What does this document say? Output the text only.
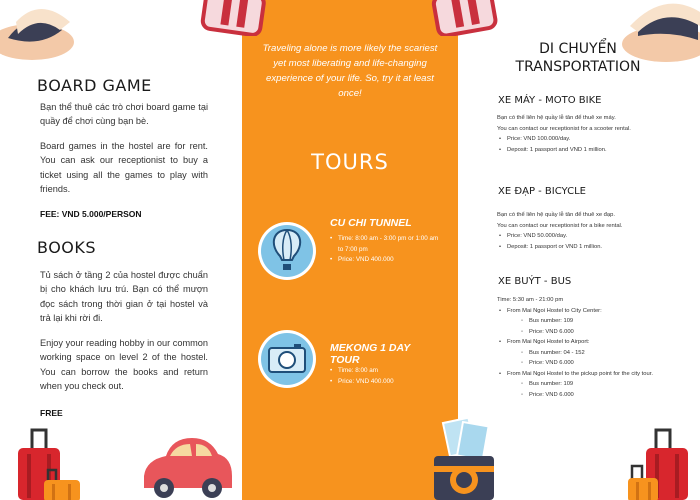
BOARD GAME
Bạn thể thuê các trò chơi board game tại quầy để chơi cùng bạn bè.
Board games in the hostel are for rent. You can ask our receptionist to buy a ticket using all the games to play with friends.
FEE: VND 5.000/PERSON
BOOKS
Tủ sách ở tầng 2 của hostel được chuẩn bị cho khách lưu trú. Bạn có thể mượn đọc sách trong thời gian ở tại hostel và trả lại khi rời đi.
Enjoy your reading hobby in our common working space on level 2 of the hostel. You can borrow the books and return when you check out.
FREE
Traveling alone is more likely the scariest yet most liberating and life-changing experience of your life. So, try it at least once!
TOURS
CU CHI TUNNEL
• Time: 8:00 am - 3:00 pm or 1:00 am to 7:00 pm
• Price: VND 400.000
MEKONG 1 DAY TOUR
• Time: 8:00 am
• Price: VND 400.000
DI CHUYỂN
TRANSPORTATION
XE MÁY - MOTO BIKE
Bạn có thể liên hệ quầy lễ tân để thuê xe máy.
You can contact our receptionist for a scooter rental.
• Price: VND 100.000/day.
• Deposit: 1 passport and VND 1 million.
XE ĐẠP - BICYCLE
Bạn có thể liên hệ quầy lễ tân để thuê xe đạp.
You can contact our receptionist for a bike rental.
• Price: VND 50.000/day.
• Deposit: 1 passport or VND 1 million.
XE BUÝT - BUS
Time: 5:30 am - 21:00 pm
• From Mai Ngoi Hostel to City Center:
◦ Bus number: 109
◦ Price: VND 6.000
• From Mai Ngoi Hostel to Airport:
◦ Bus number: 04 - 152
◦ Price: VND 6.000
• From Mai Ngoi Hostel to the pickup point for the city tour.
◦ Bus number: 109
◦ Price: VND 6.000
